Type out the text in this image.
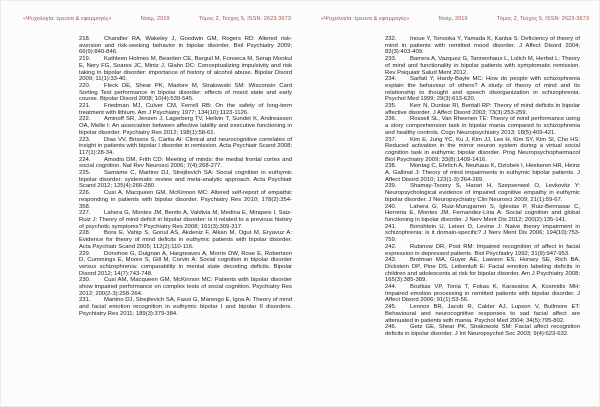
«Ψυχολογία: έρευνα & εφαρμογές»	Νοέμ, 2019	Τόμος 2, Τεύχος 5, ISSN: 2623-3673

218. Chandler RA, Wakeley J, Goodwin GM, Rogers RD: Altered risk-aversion and risk-seeking behavior in bipolar disorder. Biol Psychiatry 2009; 66(9):840-846.

219. Kathleen Holmes M, Bearden CE, Barguil M, Fonseca M, Serap Monkul E, Nery FG, Soares JC, Mintz J, Glahn DC: Conceptualizing impulsivity and risk taking in bipolar disorder: importance of history of alcohol abuse. Bipolar Disord 2009; 11(1):33-40.

220. Fleck DE, Shear PK, Madore M, Strakowski SM: Wisconsin Card Sorting Test performance in bipolar disorder: effects of mood state and early course. Bipolar Disord 2008; 10(4):539-545.

221. Friedman MJ, Culver CM, Ferrell RB: On the safety of long-term treatment with lithium. Am J Psychiatry 1977; 134(10):1123-1126.

222. Aminoff SR, Jensen J, Lagerberg TV, Hellvin T, Sundet K, Andreassen OA, Melle I: An association between affective lability and executive functioning in bipolar disorder. Psychiatry Res 2012; 198(1):58-61.

223. Dias VV, Brissos S, Carita AI: Clinical and neurocognitive correlates of insight in patients with bipolar I disorder in remission. Acta Psychiatr Scand 2008; 117(1):28-34.

224. Amodio DM, Frith CD: Meeting of minds: the medial frontal cortex and social cognition. Nat Rev Neurosci 2006; 7(4):268-277.

225. Samame C, Martino DJ, Strejilevich SA: Social cognition in euthymic bipolar disorder: systematic review and meta-analytic approach. Acta Psychiatr Scand 2012; 125(4):266-280.

226. Cusi A, Macqueen GM, McKinnon MC: Altered self-report of empathic responding in patients with bipolar disorder. Psychiatry Res 2010; 178(2):354-358.

227. Lahera G, Montes JM, Benito A, Valdivia M, Medina E, Mirapeix I, Saiz-Ruiz J: Theory of mind deficit in bipolar disorder: is it related to a previous history of psychotic symptoms? Psychiatry Res 2008; 161(3):309-317.

228. Bora E, Vahip S, Gonul AS, Akdeniz F, Alkan M, Ogut M, Eryavuz A: Evidence for theory of mind deficits in euthymic patients with bipolar disorder. Acta Psychiatr Scand 2005; 112(2):110-116.

229. Donohoe G, Duignan A, Hargreaves A, Morris DW, Rose E, Robertson D, Cummings E, Moore S, Gill M, Corvin A: Social cognition in bipolar disorder versus schizophrenia: comparability in mental state decoding deficits. Bipolar Disord 2012; 14(7):743-748.

230. Cusi AM, Macqueen GM, McKinnon MC: Patients with bipolar disorder show impaired performance on complex tests of social cognition. Psychiatry Res 2012; 200(2-3):258-264.

231. Martino DJ, Strejilevich SA, Fassi G, Marengo E, Igoa A: Theory of mind and facial emotion recognition in euthymic bipolar I and bipolar II disorders. Psychiatry Res 2011; 189(3):379-384.

«Ψυχολογία: έρευνα & εφαρμογές»	Νοέμ, 2019	Τόμος 2, Τεύχος 5, ISSN: 2623-3673

232. Inoue Y, Tonooka Y, Yamada K, Kanba S: Deficiency of theory of mind in patients with remitted mood disorder. J Affect Disord 2004; 82(3):403-409.

233. Barrera A, Vazquez G, Tannenhaus L, Lolich M, Herbst L: Theory of mind and functionality in bipolar patients with symptomatic remission. Rev Psiquiatr Salud Ment 2012.

234. Sarfati Y, Hardy-Bayle MC: How do people with schizophrenia explain the behaviour of others? A study of theory of mind and its relationship to thought and speech disorganization in schizophrenia. Psychol Med 1999; 29(3):613-620.

235. Kerr N, Dunbar RI, Bentall RP: Theory of mind deficits in bipolar affective disorder. J Affect Disord 2003; 73(3):253-259.

236. Rossell SL, Van Rheenen TE: Theory of mind performance using a story comprehension task in bipolar mania compared to schizophrenia and healthy controls. Cogn Neuropsychiatry 2013; 18(5):409-421.

237. Kim E, Jung YC, Ku J, Kim JJ, Lee H, Kim SY, Kim SI, Cho HS: Reduced activation in the mirror neuron system during a virtual social cognition task in euthymic bipolar disorder. Prog Neuropsychopharmacol Biol Psychiatry 2009; 33(8):1409-1416.

238. Montag C, Ehrlich A, Neuhaus K, Dziobek I, Heekeren HR, Heinz A, Gallinat J: Theory of mind impairments in euthymic bipolar patients. J Affect Disord 2010; 123(1-3):264-269.

239. Shamay-Tsoory S, Harari H, Szepsenwol O, Levkovitz Y: Neuropsychological evidence of impaired cognitive empathy in euthymic bipolar disorder. J Neuropsychiatry Clin Neurosci 2009; 21(1):59-67.

240. Lahera G, Ruiz-Murugarren S, Iglesias P, Ruiz-Bennasar C, Herreria E, Montes JM, Fernandez-Liria A: Social cognition and global functioning in bipolar disorder. J Nerv Ment Dis 2012; 200(2):135-141.

241. Bonshtein U, Leiser D, Levine J: Naive theory impairment in schizophrenia: is it domain-specific? J Nerv Ment Dis 2006; 194(10):753-759.

242. Rubinow DR, Post RM: Impaired recognition of affect in facial expression in depressed patients. Biol Psychiatry 1992; 31(9):947-953.

243. Brotman MA, Guyer AE, Lawson ES, Horsey SE, Rich BA, Dickstein DP, Pine DS, Leibenluft E: Facial emotion labeling deficits in children and adolescents at risk for bipolar disorder. Am J Psychiatry 2008; 165(3):385-389.

244. Bozikas VP, Tonia T, Fokas K, Karavatos A, Kosmidis MH: Impaired emotion processing in remitted patients with bipolar disorder. J Affect Disord 2006; 91(1):53-56.

245. Lennox BR, Jacob R, Calder AJ, Lupson V, Bullmore ET: Behavioural and neurocognitive responses to sad facial affect are attenuated in patients with mania. Psychol Med 2004; 34(5):795-802.

246. Getz GE, Shear PK, Strakowski SM: Facial affect recognition deficits in bipolar disorder. J Int Neuropsychol Soc 2003; 9(4):623-632.
